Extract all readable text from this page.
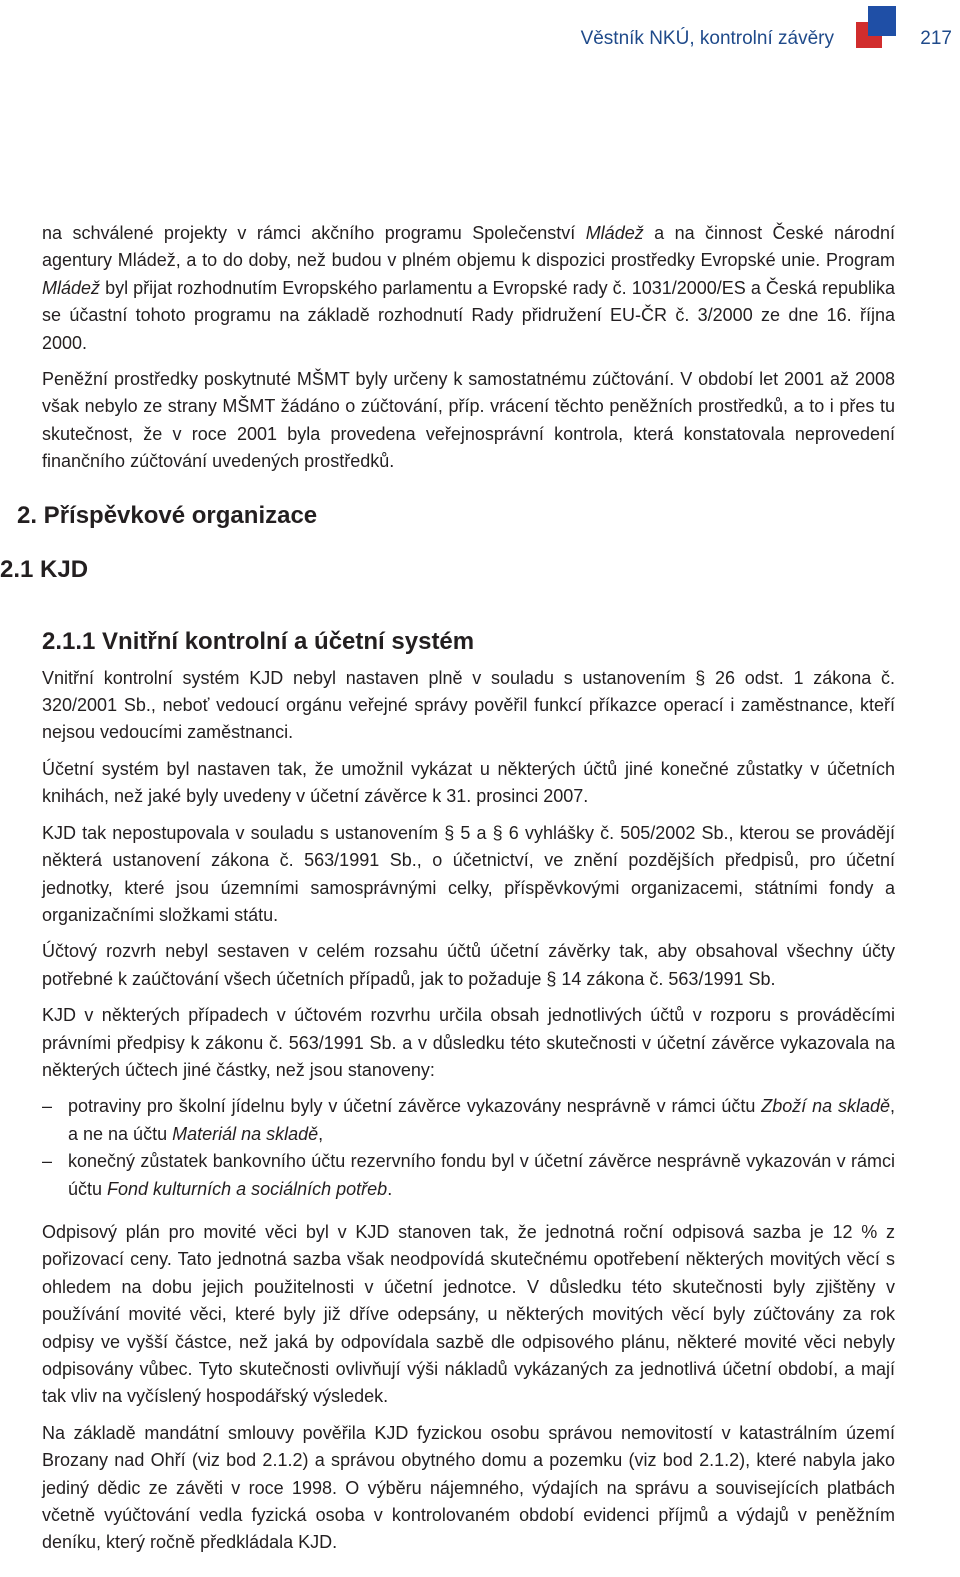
Věstník NKÚ, kontrolní závěry	217
2. Příspěvkové organizace
2.1 KJD

na schválené projekty v rámci akčního programu Společenství Mládež a na činnost České národní agentury Mládež, a to do doby, než budou v plném objemu k dispozici prostředky Evropské unie. Program Mládež byl přijat rozhodnutím Evropského parlamentu a Evropské rady č. 1031/2000/ES a Česká republika se účastní tohoto programu na základě rozhodnutí Rady přidružení EU-ČR č. 3/2000 ze dne 16. října 2000.

Peněžní prostředky poskytnuté MŠMT byly určeny k samostatnému zúčtování. V období let 2001 až 2008 však nebylo ze strany MŠMT žádáno o zúčtování, příp. vrácení těchto peněžních prostředků, a to i přes tu skutečnost, že v roce 2001 byla provedena veřejnosprávní kontrola, která konstatovala neprovedení finančního zúčtování uvedených prostředků.

2.1.1 Vnitřní kontrolní a účetní systém

Vnitřní kontrolní systém KJD nebyl nastaven plně v souladu s ustanovením § 26 odst. 1 zákona č. 320/2001 Sb., neboť vedoucí orgánu veřejné správy pověřil funkcí příkazce operací i zaměstnance, kteří nejsou vedoucími zaměstnanci.

Účetní systém byl nastaven tak, že umožnil vykázat u některých účtů jiné konečné zůstatky v účetních knihách, než jaké byly uvedeny v účetní závěrce k 31. prosinci 2007.

KJD tak nepostupovala v souladu s ustanovením § 5 a § 6 vyhlášky č. 505/2002 Sb., kterou se provádějí některá ustanovení zákona č. 563/1991 Sb., o účetnictví, ve znění pozdějších předpisů, pro účetní jednotky, které jsou územními samosprávnými celky, příspěvkovými organizacemi, státními fondy a organizačními složkami státu.

Účtový rozvrh nebyl sestaven v celém rozsahu účtů účetní závěrky tak, aby obsahoval všechny účty potřebné k zaúčtování všech účetních případů, jak to požaduje § 14 zákona č. 563/1991 Sb.

KJD v některých případech v účtovém rozvrhu určila obsah jednotlivých účtů v rozporu s prováděcími právními předpisy k zákonu č. 563/1991 Sb. a v důsledku této skutečnosti v účetní závěrce vykazovala na některých účtech jiné částky, než jsou stanoveny:

– potraviny pro školní jídelnu byly v účetní závěrce vykazovány nesprávně v rámci účtu Zboží na skladě, a ne na účtu Materiál na skladě,
– konečný zůstatek bankovního účtu rezervního fondu byl v účetní závěrce nesprávně vykazován v rámci účtu Fond kulturních a sociálních potřeb.

Odpisový plán pro movité věci byl v KJD stanoven tak, že jednotná roční odpisová sazba je 12 % z pořizovací ceny. Tato jednotná sazba však neodpovídá skutečnému opotřebení některých movitých věcí s ohledem na dobu jejich použitelnosti v účetní jednotce. V důsledku této skutečnosti byly zjištěny v používání movité věci, které byly již dříve odepsány, u některých movitých věcí byly zúčtovány za rok odpisy ve vyšší částce, než jaká by odpovídala sazbě dle odpisového plánu, některé movité věci nebyly odpisovány vůbec. Tyto skutečnosti ovlivňují výši nákladů vykázaných za jednotlivá účetní období, a mají tak vliv na vyčíslený hospodářský výsledek.

Na základě mandátní smlouvy pověřila KJD fyzickou osobu správou nemovitostí v katastrálním území Brozany nad Ohří (viz bod 2.1.2) a správou obytného domu a pozemku (viz bod 2.1.2), které nabyla jako jediný dědic ze závěti v roce 1998. O výběru nájemného, výdajích na správu a souvisejících platbách včetně vyúčtování vedla fyzická osoba v kontrolovaném období evidenci příjmů a výdajů v peněžním deníku, který ročně předkládala KJD.
